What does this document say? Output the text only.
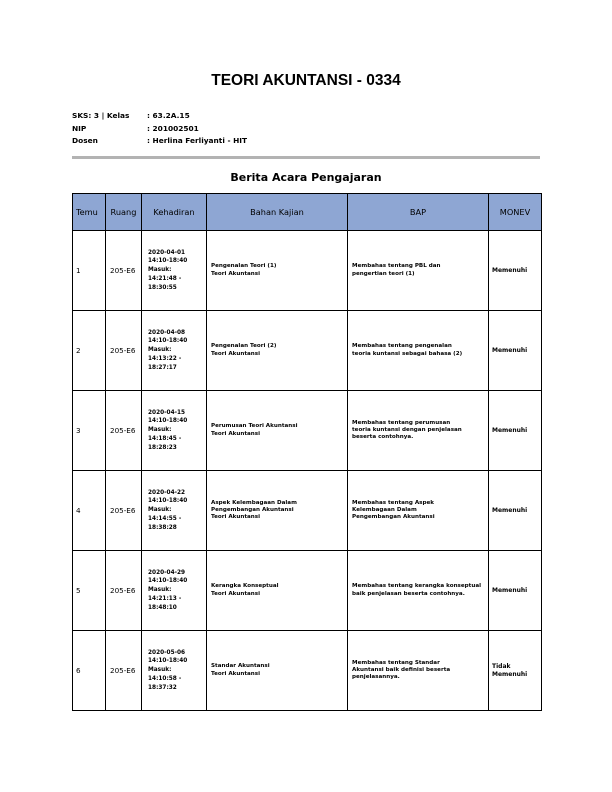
TEORI AKUNTANSI - 0334
SKS: 3 | Kelas : 63.2A.15
NIP	: 201002501
Dosen	: Herlina Ferliyanti - HIT
Berita Acara Pengajaran
Temu	Ruang	Kehadiran	Bahan Kajian	BAP	MONEV
1	205-E6	2020-04-01
14:10-18:40
Masuk:
14:21:48 -
18:30:55	Pengenalan Teori (1)
Teori Akuntansi	Membahas tentang PBL dan
pengertian teori (1)	Memenuhi
2	205-E6	2020-04-08
14:10-18:40
Masuk:
14:13:22 -
18:27:17	Pengenalan Teori (2)
Teori Akuntansi	Membahas tentang pengenalan
teoria kuntansi sebagai bahasa (2)	Memenuhi
3	205-E6	2020-04-15
14:10-18:40
Masuk:
14:18:45 -
18:28:23	Perumusan Teori Akuntansi
Teori Akuntansi	Membahas tentang perumusan
teoria kuntansi dengan penjelasan
beserta contohnya.	Memenuhi
4	205-E6	2020-04-22
14:10-18:40
Masuk:
14:14:55 -
18:38:28	Aspek Kelembagaan Dalam
Pengembangan Akuntansi
Teori Akuntansi	Membahas tentang Aspek
Kelembagaan Dalam
Pengembangan Akuntansi	Memenuhi
5	205-E6	2020-04-29
14:10-18:40
Masuk:
14:21:13 -
18:48:10	Kerangka Konseptual
Teori Akuntansi	Membahas tentang kerangka konseptual
baik penjelasan beserta contohnya.	Memenuhi
6	205-E6	2020-05-06
14:10-18:40
Masuk:
14:10:58 -
18:37:32	Standar Akuntansi
Teori Akuntansi	Membahas tentang Standar
Akuntansi baik definisi beserta
penjelasannya.	Tidak
Memenuhi
